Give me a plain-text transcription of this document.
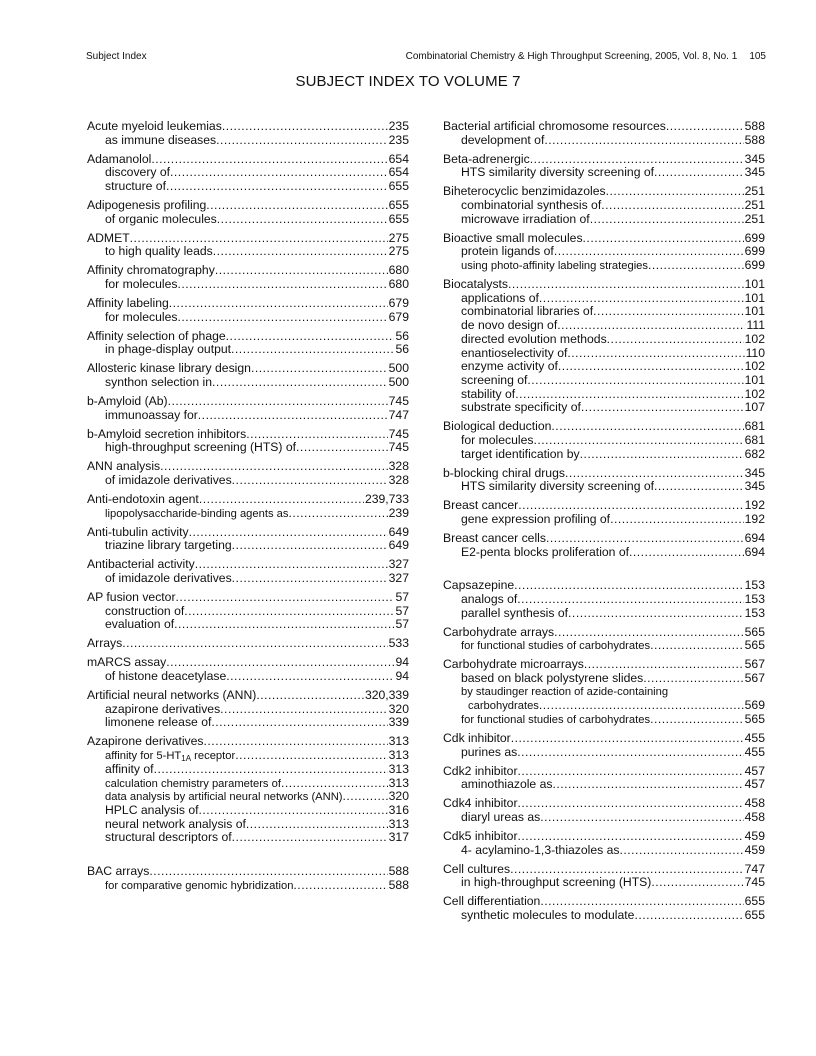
Subject Index	Combinatorial Chemistry & High Throughput Screening, 2005, Vol. 8, No. 1 105
SUBJECT INDEX TO VOLUME 7
Acute myeloid leukemias .....	235
as immune diseases .....	235
Adamanolol .....	654
discovery of .....	654
structure of .....	655
Adipogenesis profiling .....	655
of organic molecules .....	655
ADMET .....	275
to high quality leads .....	275
Affinity chromatography .....	680
for molecules .....	680
Affinity labeling .....	679
for molecules .....	679
Affinity selection of phage .....	56
in phage-display output .....	56
Allosteric kinase library design .....	500
synthon selection in .....	500
b-Amyloid (Ab) .....	745
immunoassay for .....	747
b-Amyloid secretion inhibitors .....	745
high-throughput screening (HTS) of .....	745
ANN analysis .....	328
of imidazole derivatives .....	328
Anti-endotoxin agent .....	239,733
lipopolysaccharide-binding agents as .....	239
Anti-tubulin activity .....	649
triazine library targeting .....	649
Antibacterial activity .....	327
of imidazole derivatives .....	327
AP fusion vector .....	57
construction of .....	57
evaluation of .....	57
Arrays .....	533
mARCS assay .....	94
of histone deacetylase .....	94
Artificial neural networks (ANN) .....	320,339
azapirone derivatives .....	320
limonene release of .....	339
Azapirone derivatives .....	313
affinity for $5-HT_{1A}$ receptor .....	313
affinity of .....	313
calculation chemistry parameters of .....	313
data analysis by artificial neural networks (ANN) .....	320
HPLC analysis of .....	316
neural network analysis of .....	313
structural descriptors of .....	317
BAC arrays .....	588
for comparative genomic hybridization .....	588
Bacterial artificial chromosome resources .....	588
development of .....	588
Beta-adrenergic .....	345
HTS similarity diversity screening of .....	345
Biheterocyclic benzimidazoles .....	251
combinatorial synthesis of .....	251
microwave irradiation of .....	251
Bioactive small molecules .....	699
protein ligands of .....	699
using photo-affinity labeling strategies .....	699
Biocatalysts .....	101
applications of .....	101
combinatorial libraries of .....	101
de novo design of .....	111
directed evolution methods .....	102
enantioselectivity of .....	110
enzyme activity of .....	102
screening of .....	101
stability of .....	102
substrate specificity of .....	107
Biological deduction .....	681
for molecules .....	681
target identification by .....	682
b-blocking chiral drugs .....	345
HTS similarity diversity screening of .....	345
Breast cancer .....	192
gene expression profiling of .....	192
Breast cancer cells .....	694
E2-penta blocks proliferation of .....	694
Capsazepine .....	153
analogs of .....	153
parallel synthesis of .....	153
Carbohydrate arrays .....	565
for functional studies of carbohydrates .....	565
Carbohydrate microarrays .....	567
based on black polystyrene slides .....	567
by staudinger reaction of azide-containing
carbohydrates .....	569
for functional studies of carbohydrates .....	565
Cdk inhibitor .....	455
purines as .....	455
Cdk2 inhibitor .....	457
aminothiazole as .....	457
Cdk4 inhibitor .....	458
diaryl ureas as .....	458
Cdk5 inhibitor .....	459
4- acylamino-1,3-thiazoles as .....	459
Cell cultures .....	747
in high-throughput screening (HTS) .....	745
Cell differentiation .....	655
synthetic molecules to modulate .....	655
